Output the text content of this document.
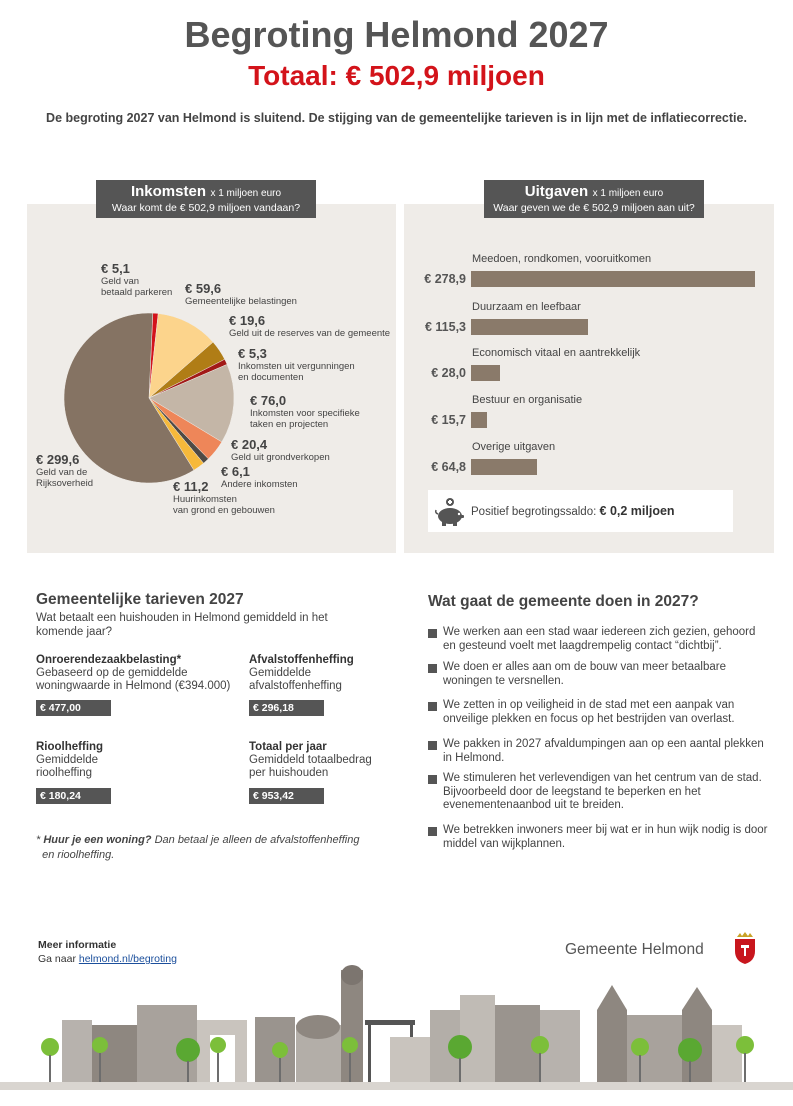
Begroting Helmond 2027
Totaal: € 502,9 miljoen
De begroting 2027 van Helmond is sluitend. De stijging van de gemeentelijke tarieven is in lijn met de inflatiecorrectie.
Inkomsten x 1 miljoen euro
Waar komt de € 502,9 miljoen vandaan?
Uitgaven x 1 miljoen euro
Waar geven we de € 502,9 miljoen aan uit?
€ 5,1
Geld van
betaald parkeren € 59,6
Gemeentelijke belastingen
€ 19,6
Geld uit de reserves van de gemeente
€ 5,3
Inkomsten uit vergunningen
en documenten
€ 76,0
Inkomsten voor specifieke
taken en projecten
€ 20,4
Geld uit grondverkopen
€ 6,1
Andere inkomsten
€ 11,2
Huurinkomsten
van grond en gebouwen
€ 299,6
Geld van de
Rijksoverheid
Meedoen, rondkomen, vooruitkomen
€ 278,9
Duurzaam en leefbaar
€ 115,3
Economisch vitaal en aantrekkelijk
€ 28,0
Bestuur en organisatie
€ 15,7
Overige uitgaven
€ 64,8
Positief begrotingssaldo: € 0,2 miljoen
Gemeentelijke tarieven 2027
Wat betaalt een huishouden in Helmond gemiddeld in het komende jaar?
Onroerendezaakbelasting*
Gebaseerd op de gemiddelde
woningwaarde in Helmond (€394.000)
€ 477,00
Afvalstoffenheffing
Gemiddelde
afvalstoffenheffing
€ 296,18
Rioolheffing
Gemiddelde
rioolheffing
€ 180,24
Totaal per jaar
Gemiddeld totaalbedrag
per huishouden
€ 953,42
* Huur je een woning? Dan betaal je alleen de afvalstoffenheffing
en rioolheffing.
Wat gaat de gemeente doen in 2027?
We werken aan een stad waar iedereen zich gezien, gehoord en gesteund voelt met laagdrempelig contact “dichtbij”.
We doen er alles aan om de bouw van meer betaalbare woningen te versnellen.
We zetten in op veiligheid in de stad met een aanpak van onveilige plekken en focus op het bestrijden van overlast.
We pakken in 2027 afvaldumpingen aan op een aantal plekken in Helmond.
We stimuleren het verlevendigen van het centrum van de stad. Bijvoorbeeld door de leegstand te beperken en het evenementenaanbod uit te breiden.
We betrekken inwoners meer bij wat er in hun wijk nodig is door middel van wijkplannen.
Meer informatie
Ga naar helmond.nl/begroting
Gemeente Helmond
